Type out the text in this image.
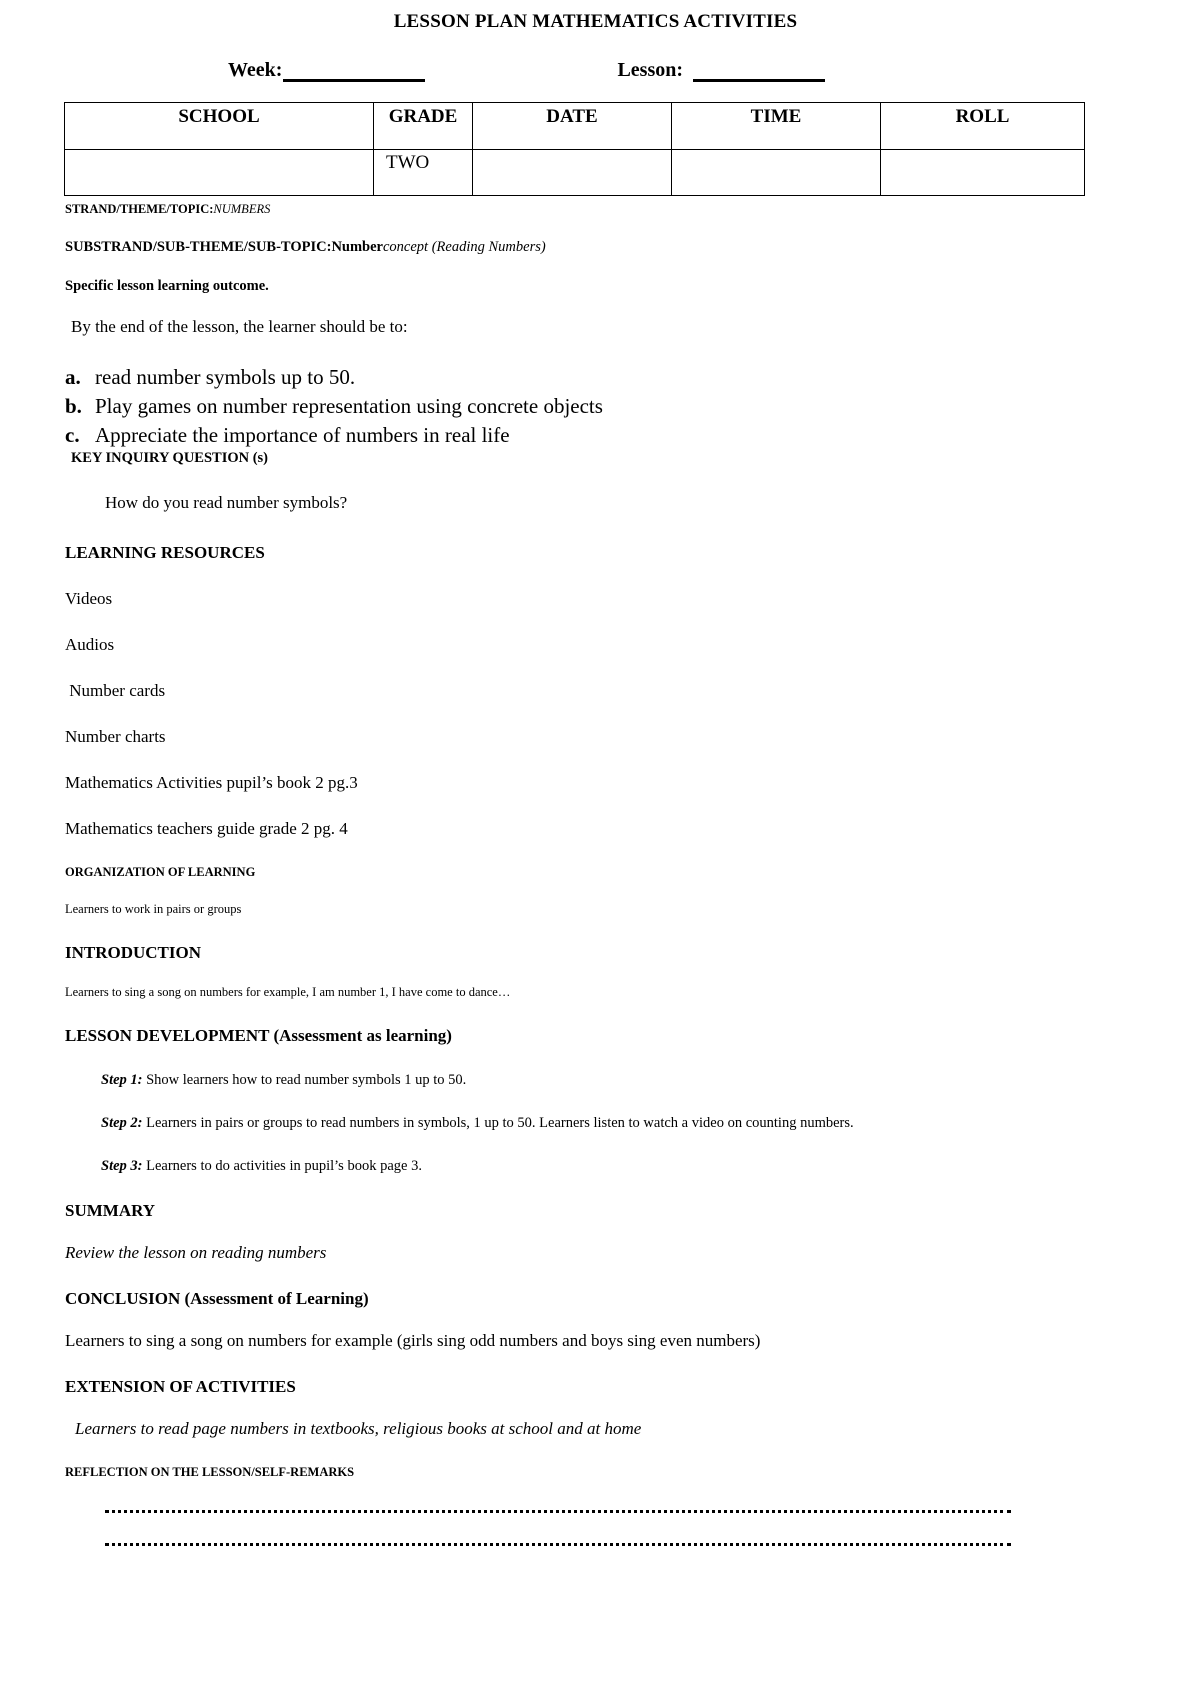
LESSON PLAN MATHEMATICS ACTIVITIES
Week:	Lesson:
SCHOOL	GRADE	DATE	TIME	ROLL
	TWO			

STRAND/THEME/TOPIC:NUMBERS

SUBSTRAND/SUB-THEME/SUB-TOPIC:Numberconcept (Reading Numbers)

Specific lesson learning outcome.

By the end of the lesson, the learner should be to:

a. read number symbols up to 50.
b. Play games on number representation using concrete objects
c. Appreciate the importance of numbers in real life

KEY INQUIRY QUESTION (s)

How do you read number symbols?

LEARNING RESOURCES

Videos

Audios

Number cards

Number charts

Mathematics Activities pupil’s book 2 pg.3

Mathematics teachers guide grade 2 pg. 4

ORGANIZATION OF LEARNING

Learners to work in pairs or groups

INTRODUCTION

Learners to sing a song on numbers for example, I am number 1, I have come to dance…

LESSON DEVELOPMENT (Assessment as learning)

Step 1: Show learners how to read number symbols 1 up to 50.

Step 2: Learners in pairs or groups to read numbers in symbols, 1 up to 50. Learners listen to watch a video on counting numbers.

Step 3: Learners to do activities in pupil’s book page 3.

SUMMARY

Review the lesson on reading numbers

CONCLUSION (Assessment of Learning)

Learners to sing a song on numbers for example (girls sing odd numbers and boys sing even numbers)

EXTENSION OF ACTIVITIES

Learners to read page numbers in textbooks, religious books at school and at home

REFLECTION ON THE LESSON/SELF-REMARKS
